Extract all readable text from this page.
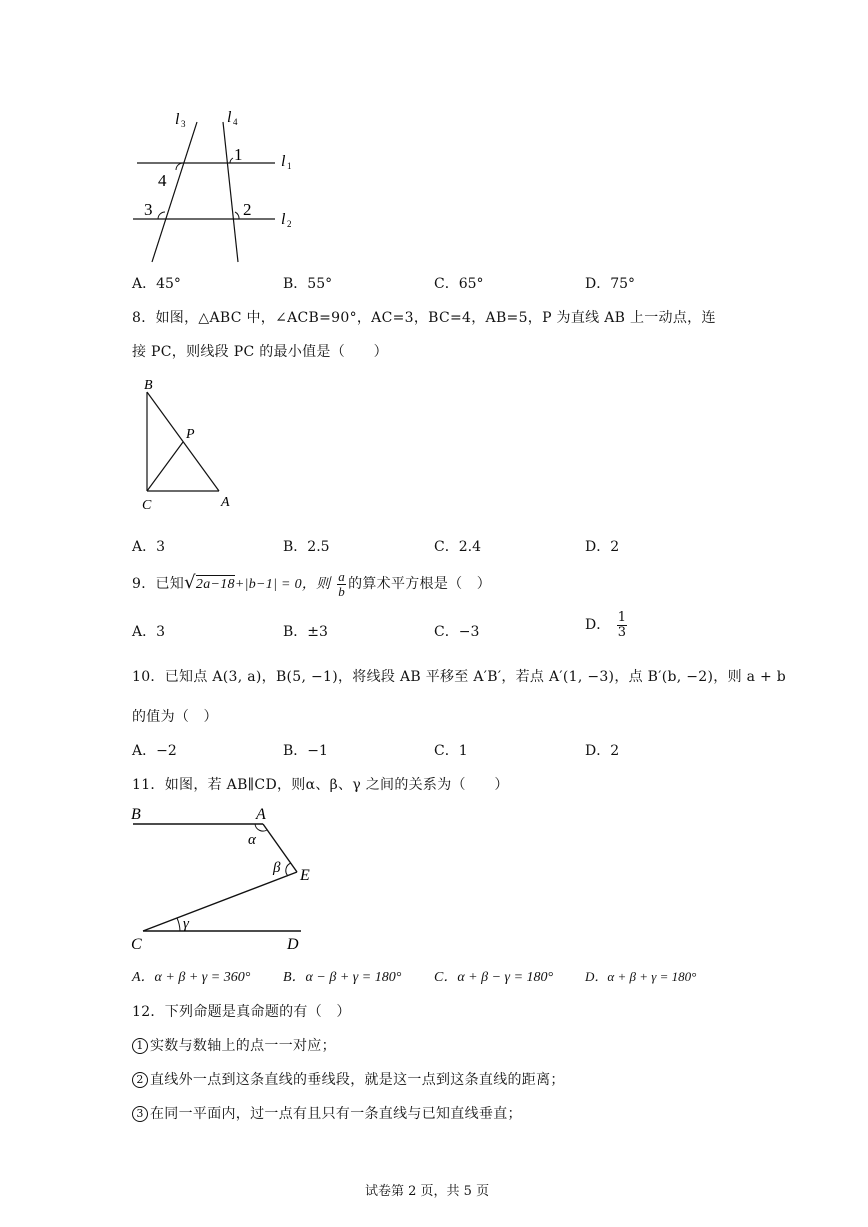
l 3	l 4
l 1
l 2
1
4
3	2
A．45°	B．55°	C．65°	D．75°
8．如图，△ABC 中，∠ACB=90°，AC=3，BC=4，AB=5，P 为直线 AB 上一动点，连
接 PC，则线段 PC 的最小值是（　　）
B
P
C	A
A．3	B．2.5	C．2.4	D．2
9．已知√2a−18+|b−1| = 0，则 $\frac{a}{b}$ 的算术平方根是（　）
A．3	B．±3	C．−3	D． $\frac{1}{3}$
10．已知点 A(3, a)，B(5, −1)，将线段 AB 平移至 A′B′，若点 A′(1, −3)，点 B′(b, −2)，则 a + b
的值为（　）
A．−2	B．−1	C．1	D．2
11．如图，若 AB∥CD，则α、β、γ 之间的关系为（　　）
B	A
α
β E
γ
C	D
A．α + β + γ = 360° B．α − β + γ = 180° C．α + β − γ = 180° D．α + β + γ = 180°
12．下列命题是真命题的有（　）
1 实数与数轴上的点一一对应；
2 直线外一点到这条直线的垂线段，就是这一点到这条直线的距离；
3 在同一平面内，过一点有且只有一条直线与已知直线垂直；
试卷第 2 页，共 5 页
